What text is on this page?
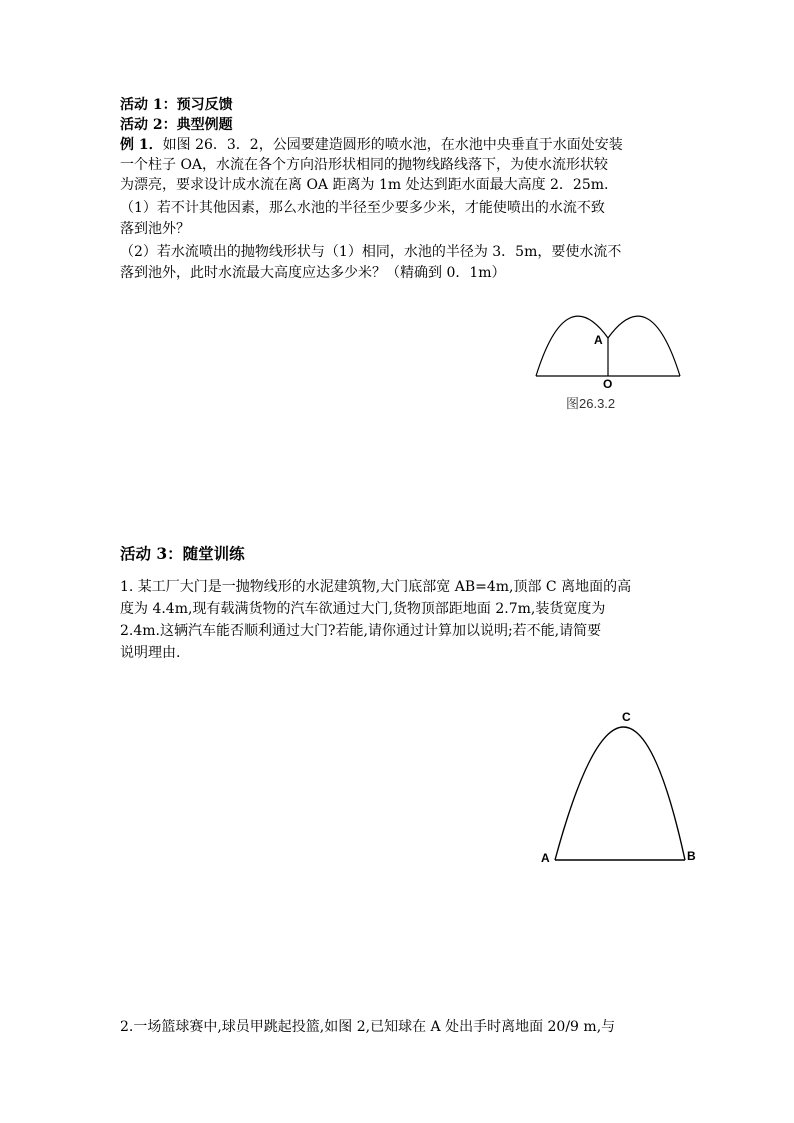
活动 1：预习反馈
活动 2：典型例题
例 1．如图 26．3．2，公园要建造圆形的喷水池，在水池中央垂直于水面处安装
一个柱子 OA，水流在各个方向沿形状相同的抛物线路线落下，为使水流形状较
为漂亮，要求设计成水流在离 OA 距离为 1m 处达到距水面最大高度 2．25m.
（1）若不计其他因素，那么水池的半径至少要多少米，才能使喷出的水流不致
落到池外？
（2）若水流喷出的抛物线形状与（1）相同，水池的半径为 3．5m，要使水流不
落到池外，此时水流最大高度应达多少米？（精确到 0．1m）
A
O
图26.3.2
活动 3：随堂训练
1. 某工厂大门是一抛物线形的水泥建筑物,大门底部宽 AB=4m,顶部 C 离地面的高
度为 4.4m,现有载满货物的汽车欲通过大门,货物顶部距地面 2.7m,装货宽度为
2.4m.这辆汽车能否顺利通过大门?若能,请你通过计算加以说明;若不能,请简要
说明理由.
C
A	B
2.一场篮球赛中,球员甲跳起投篮,如图 2,已知球在 A 处出手时离地面 20/9 m,与
